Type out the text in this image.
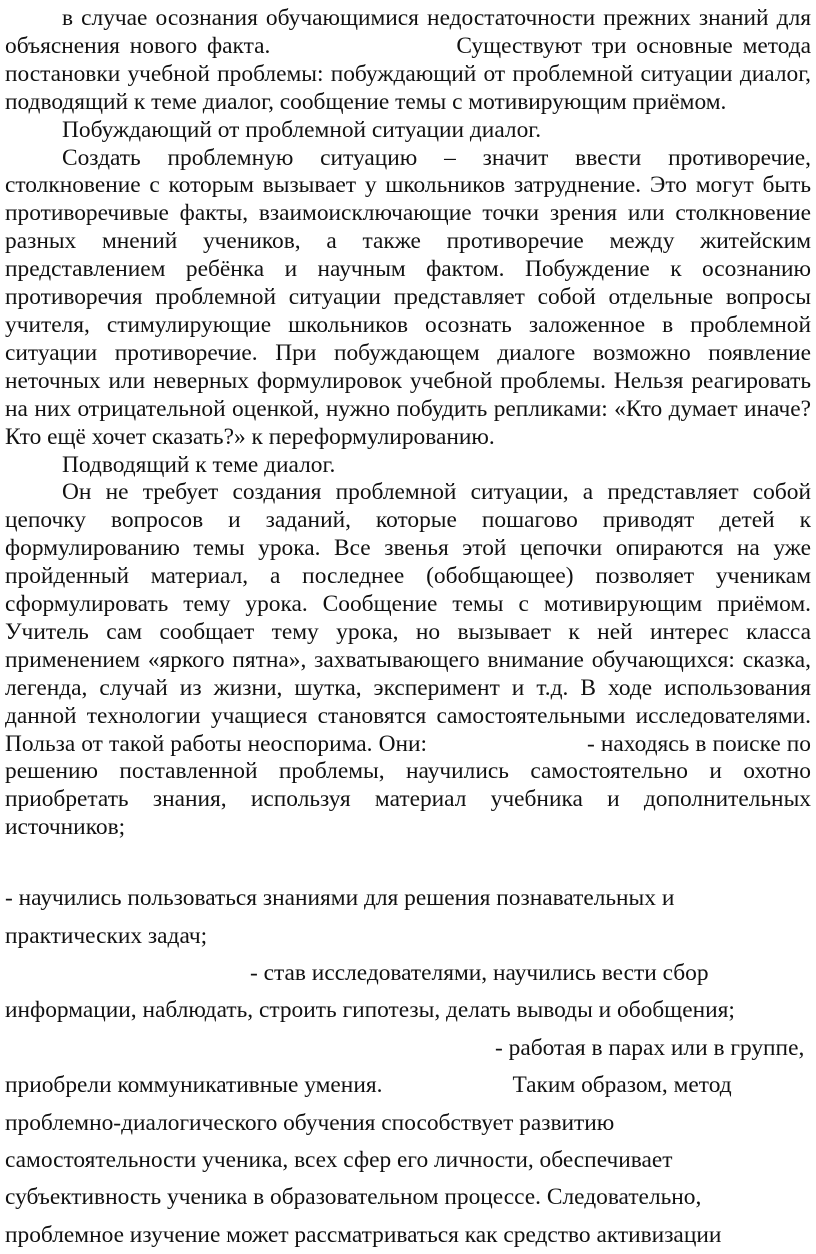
в случае осознания обучающимися недостаточности прежних знаний для объяснения нового факта.	Существуют три основные метода постановки учебной проблемы: побуждающий от проблемной ситуации диалог, подводящий к теме диалог, сообщение темы с мотивирующим приёмом.

Побуждающий от проблемной ситуации диалог.

Создать проблемную ситуацию – значит ввести противоречие, столкновение с которым вызывает у школьников затруднение. Это могут быть противоречивые факты, взаимоисключающие точки зрения или столкновение разных мнений учеников, а также противоречие между житейским представлением ребёнка и научным фактом. Побуждение к осознанию противоречия проблемной ситуации представляет собой отдельные вопросы учителя, стимулирующие школьников осознать заложенное в проблемной ситуации противоречие. При побуждающем диалоге возможно появление неточных или неверных формулировок учебной проблемы. Нельзя реагировать на них отрицательной оценкой, нужно побудить репликами: «Кто думает иначе? Кто ещё хочет сказать?» к переформулированию.

Подводящий к теме диалог.

Он не требует создания проблемной ситуации, а представляет собой цепочку вопросов и заданий, которые пошагово приводят детей к формулированию темы урока. Все звенья этой цепочки опираются на уже пройденный материал, а последнее (обобщающее) позволяет ученикам сформулировать тему урока. Сообщение темы с мотивирующим приёмом. Учитель сам сообщает тему урока, но вызывает к ней интерес класса применением «яркого пятна», захватывающего внимание обучающихся: сказка, легенда, случай из жизни, шутка, эксперимент и т.д. В ходе использования данной технологии учащиеся становятся самостоятельными исследователями. Польза от такой работы неоспорима. Они:	- находясь в поиске по решению поставленной проблемы, научились самостоятельно и охотно приобретать знания, используя материал учебника и дополнительных источников;

- научились пользоваться знаниями для решения познавательных и практических задач;

- став исследователями, научились вести сбор информации, наблюдать, строить гипотезы, делать выводы и обобщения;

- работая в парах или в группе, приобрели коммуникативные умения.	Таким образом, метод проблемно-диалогического обучения способствует развитию самостоятельности ученика, всех сфер его личности, обеспечивает субъективность ученика в образовательном процессе. Следовательно, проблемное изучение может рассматриваться как средство активизации
